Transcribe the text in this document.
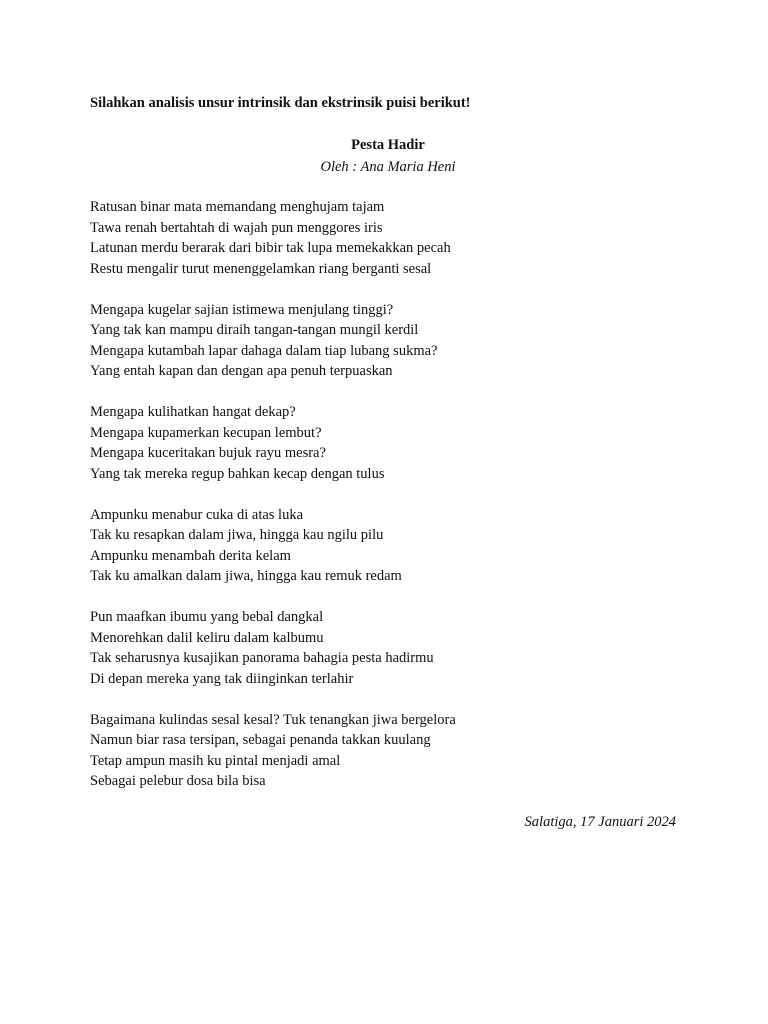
Silahkan analisis unsur intrinsik dan ekstrinsik puisi berikut!

Pesta Hadir

Oleh : Ana Maria Heni

Ratusan binar mata memandang menghujam tajam
Tawa renah bertahtah di wajah pun menggores iris
Latunan merdu berarak dari bibir tak lupa memekakkan pecah
Restu mengalir turut menenggelamkan riang berganti sesal
Mengapa kugelar sajian istimewa menjulang tinggi?
Yang tak kan mampu diraih tangan-tangan mungil kerdil
Mengapa kutambah lapar dahaga dalam tiap lubang sukma?
Yang entah kapan dan dengan apa penuh terpuaskan
Mengapa kulihatkan hangat dekap?
Mengapa kupamerkan kecupan lembut?
Mengapa kuceritakan bujuk rayu mesra?
Yang tak mereka regup bahkan kecap dengan tulus
Ampunku menabur cuka di atas luka
Tak ku resapkan dalam jiwa, hingga kau ngilu pilu
Ampunku menambah derita kelam
Tak ku amalkan dalam jiwa, hingga kau remuk redam
Pun maafkan ibumu yang bebal dangkal
Menorehkan dalil keliru dalam kalbumu
Tak seharusnya kusajikan panorama bahagia pesta hadirmu
Di depan mereka yang tak diinginkan terlahir
Bagaimana kulindas sesal kesal? Tuk tenangkan jiwa bergelora
Namun biar rasa tersipan, sebagai penanda takkan kuulang
Tetap ampun masih ku pintal menjadi amal
Sebagai pelebur dosa bila bisa

Salatiga, 17 Januari 2024
